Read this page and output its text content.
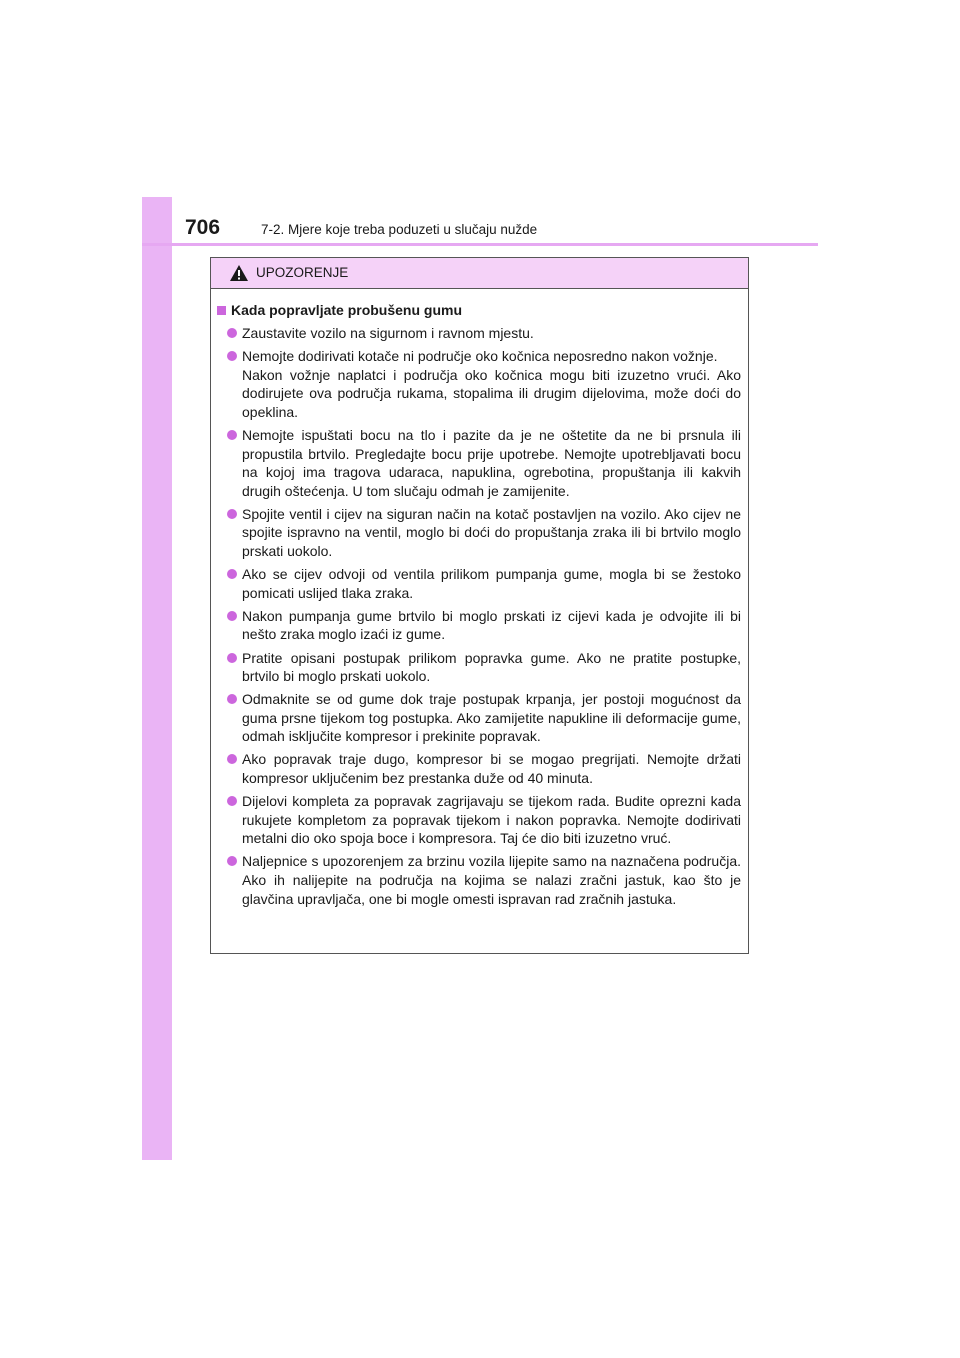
706	7-2. Mjere koje treba poduzeti u slučaju nužde
UPOZORENJE
Kada popravljate probušenu gumu
Zaustavite vozilo na sigurnom i ravnom mjestu.
Nemojte dodirivati kotače ni područje oko kočnica neposredno nakon vožnje.
Nakon vožnje naplatci i područja oko kočnica mogu biti izuzetno vrući. Ako dodirujete ova područja rukama, stopalima ili drugim dijelovima, može doći do opeklina.
Nemojte ispuštati bocu na tlo i pazite da je ne oštetite da ne bi prsnula ili propustila brtvilo. Pregledajte bocu prije upotrebe. Nemojte upotrebljavati bocu na kojoj ima tragova udaraca, napuklina, ogrebotina, propuštanja ili kakvih drugih oštećenja. U tom slučaju odmah je zamijenite.
Spojite ventil i cijev na siguran način na kotač postavljen na vozilo. Ako cijev ne spojite ispravno na ventil, moglo bi doći do propuštanja zraka ili bi brtvilo moglo prskati uokolo.
Ako se cijev odvoji od ventila prilikom pumpanja gume, mogla bi se žestoko pomicati uslijed tlaka zraka.
Nakon pumpanja gume brtvilo bi moglo prskati iz cijevi kada je odvojite ili bi nešto zraka moglo izaći iz gume.
Pratite opisani postupak prilikom popravka gume. Ako ne pratite postupke, brtvilo bi moglo prskati uokolo.
Odmaknite se od gume dok traje postupak krpanja, jer postoji mogućnost da guma prsne tijekom tog postupka. Ako zamijetite napukline ili deformacije gume, odmah isključite kompresor i prekinite popravak.
Ako popravak traje dugo, kompresor bi se mogao pregrijati. Nemojte držati kompresor uključenim bez prestanka duže od 40 minuta.
Dijelovi kompleta za popravak zagrijavaju se tijekom rada. Budite oprezni kada rukujete kompletom za popravak tijekom i nakon popravka. Nemojte dodirivati metalni dio oko spoja boce i kompresora. Taj će dio biti izuzetno vruć.
Naljepnice s upozorenjem za brzinu vozila lijepite samo na naznačena područja. Ako ih nalijepite na područja na kojima se nalazi zračni jastuk, kao što je glavčina upravljača, one bi mogle omesti ispravan rad zračnih jastuka.
